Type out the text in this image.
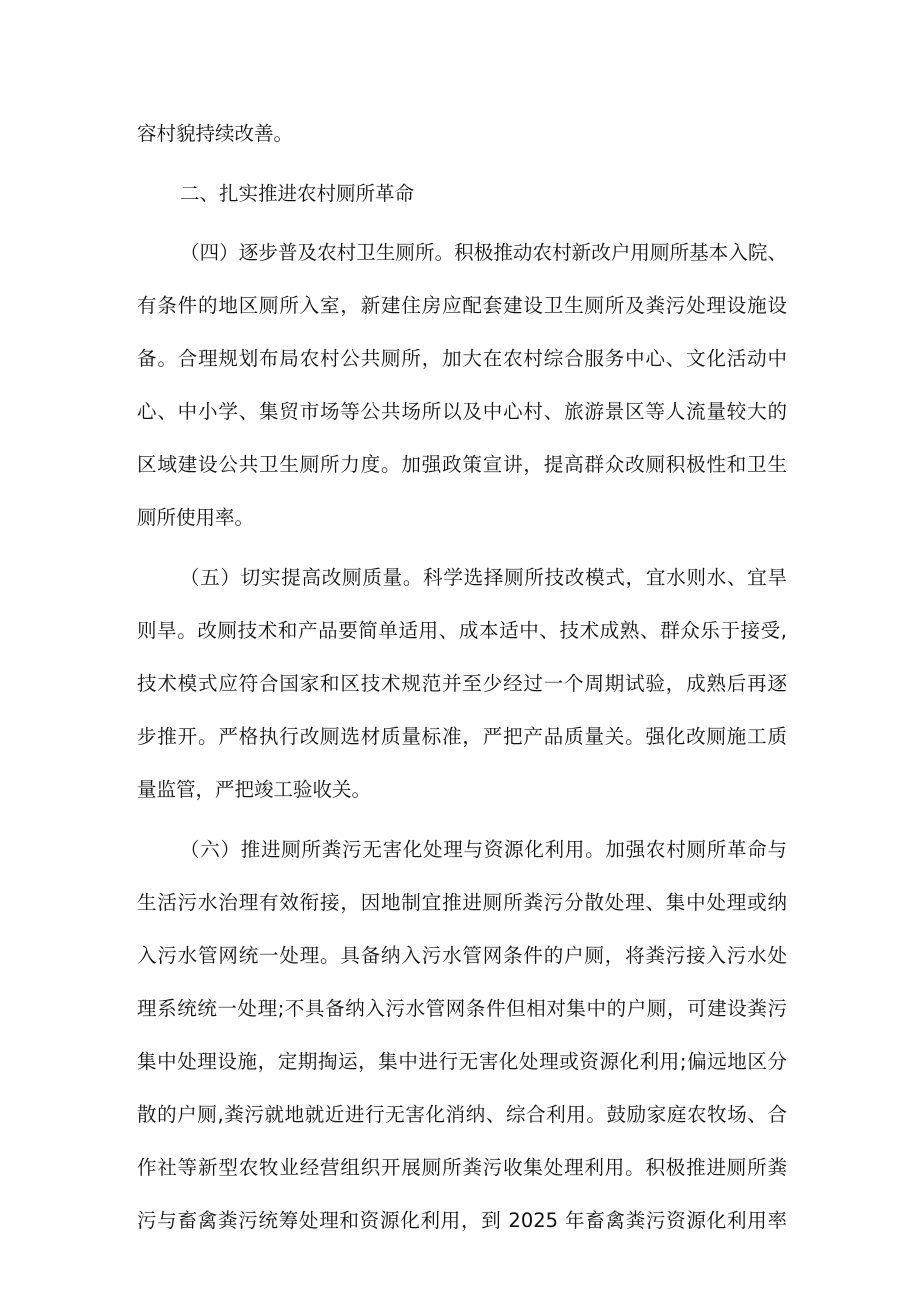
容村貌持续改善。
二、扎实推进农村厕所革命
（四）逐步普及农村卫生厕所。积极推动农村新改户用厕所基本入院、
有条件的地区厕所入室，新建住房应配套建设卫生厕所及粪污处理设施设
备。合理规划布局农村公共厕所，加大在农村综合服务中心、文化活动中
心、中小学、集贸市场等公共场所以及中心村、旅游景区等人流量较大的
区域建设公共卫生厕所力度。加强政策宣讲，提高群众改厕积极性和卫生
厕所使用率。
（五）切实提高改厕质量。科学选择厕所技改模式，宜水则水、宜旱
则旱。改厕技术和产品要简单适用、成本适中、技术成熟、群众乐于接受,
技术模式应符合国家和区技术规范并至少经过一个周期试验，成熟后再逐
步推开。严格执行改厕选材质量标准，严把产品质量关。强化改厕施工质
量监管，严把竣工验收关。
（六）推进厕所粪污无害化处理与资源化利用。加强农村厕所革命与
生活污水治理有效衔接，因地制宜推进厕所粪污分散处理、集中处理或纳
入污水管网统一处理。具备纳入污水管网条件的户厕，将粪污接入污水处
理系统统一处理;不具备纳入污水管网条件但相对集中的户厕，可建设粪污
集中处理设施，定期掏运，集中进行无害化处理或资源化利用;偏远地区分
散的户厕,粪污就地就近进行无害化消纳、综合利用。鼓励家庭农牧场、合
作社等新型农牧业经营组织开展厕所粪污收集处理利用。积极推进厕所粪
污与畜禽粪污统筹处理和资源化利用，到 2025 年畜禽粪污资源化利用率
